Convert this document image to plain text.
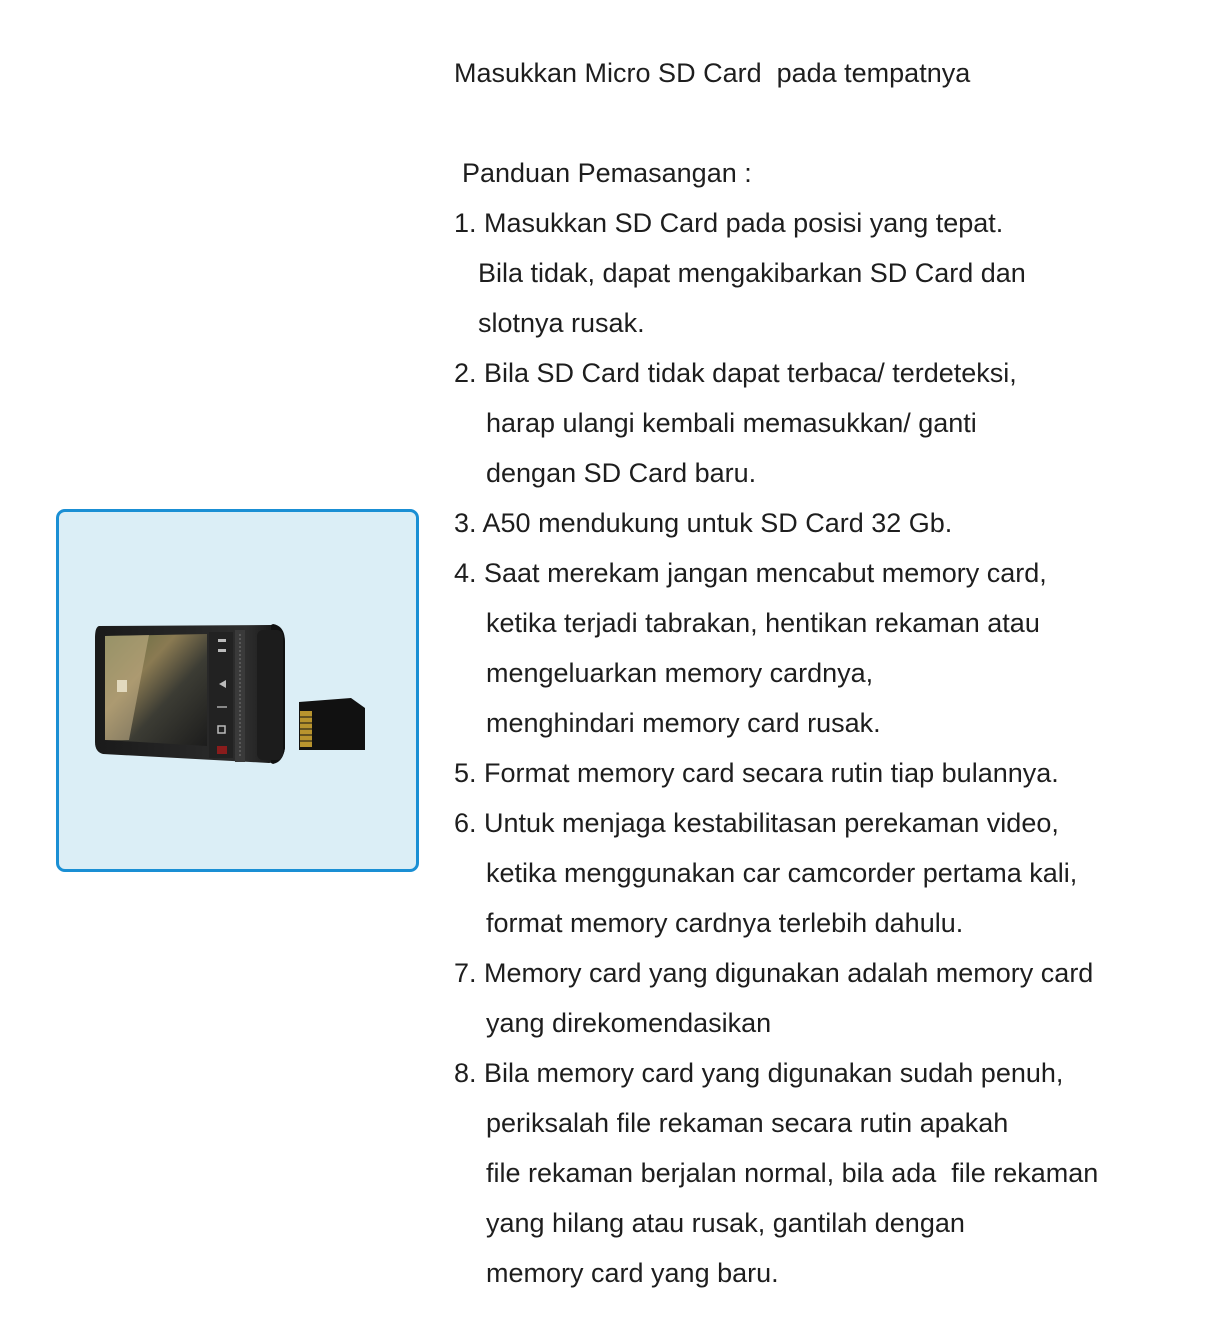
Masukkan Micro SD Card  pada tempatnya
Panduan Pemasangan :
1. Masukkan SD Card pada posisi yang tepat.
Bila tidak, dapat mengakibarkan SD Card dan
slotnya rusak.
2. Bila SD Card tidak dapat terbaca/ terdeteksi,
harap ulangi kembali memasukkan/ ganti
dengan SD Card baru.
3. A50 mendukung untuk SD Card 32 Gb.
4. Saat merekam jangan mencabut memory card,
ketika terjadi tabrakan, hentikan rekaman atau
mengeluarkan memory cardnya,
menghindari memory card rusak.
5. Format memory card secara rutin tiap bulannya.
6. Untuk menjaga kestabilitasan perekaman video,
ketika menggunakan car camcorder pertama kali,
format memory cardnya terlebih dahulu.
7. Memory card yang digunakan adalah memory card
yang direkomendasikan
8. Bila memory card yang digunakan sudah penuh,
periksalah file rekaman secara rutin apakah
file rekaman berjalan normal, bila ada  file rekaman
yang hilang atau rusak, gantilah dengan
memory card yang baru.
